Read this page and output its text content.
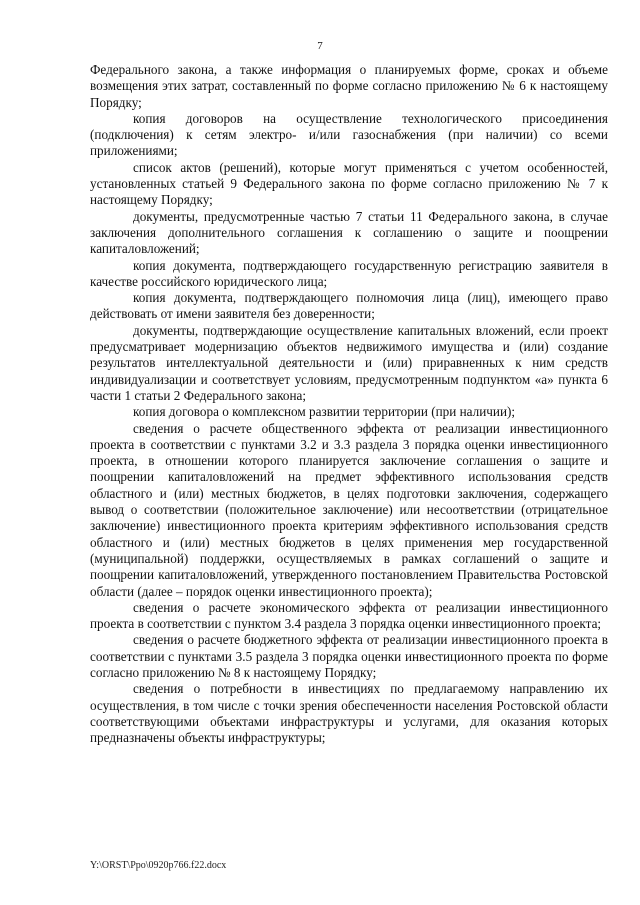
7

Федерального закона, а также информация о планируемых форме, сроках и объеме возмещения этих затрат, составленный по форме согласно приложению № 6 к настоящему Порядку;

копия договоров на осуществление технологического присоединения (подключения) к сетям электро- и/или газоснабжения (при наличии) со всеми приложениями;

список актов (решений), которые могут применяться с учетом особенностей, установленных статьей 9 Федерального закона по форме согласно приложению № 7 к настоящему Порядку;

документы, предусмотренные частью 7 статьи 11 Федерального закона, в случае заключения дополнительного соглашения к соглашению о защите и поощрении капиталовложений;

копия документа, подтверждающего государственную регистрацию заявителя в качестве российского юридического лица;

копия документа, подтверждающего полномочия лица (лиц), имеющего право действовать от имени заявителя без доверенности;

документы, подтверждающие осуществление капитальных вложений, если проект предусматривает модернизацию объектов недвижимого имущества и (или) создание результатов интеллектуальной деятельности и (или) приравненных к ним средств индивидуализации и соответствует условиям, предусмотренным подпунктом «а» пункта 6 части 1 статьи 2 Федерального закона;

копия договора о комплексном развитии территории (при наличии);

сведения о расчете общественного эффекта от реализации инвестиционного проекта в соответствии с пунктами 3.2 и 3.3 раздела 3 порядка оценки инвестиционного проекта, в отношении которого планируется заключение соглашения о защите и поощрении капиталовложений на предмет эффективного использования средств областного и (или) местных бюджетов, в целях подготовки заключения, содержащего вывод о соответствии (положительное заключение) или несоответствии (отрицательное заключение) инвестиционного проекта критериям эффективного использования средств областного и (или) местных бюджетов в целях применения мер государственной (муниципальной) поддержки, осуществляемых в рамках соглашений о защите и поощрении капиталовложений, утвержденного постановлением Правительства Ростовской области (далее – порядок оценки инвестиционного проекта);

сведения о расчете экономического эффекта от реализации инвестиционного проекта в соответствии с пунктом 3.4 раздела 3 порядка оценки инвестиционного проекта;

сведения о расчете бюджетного эффекта от реализации инвестиционного проекта в соответствии с пунктами 3.5 раздела 3 порядка оценки инвестиционного проекта по форме согласно приложению № 8 к настоящему Порядку;

сведения о потребности в инвестициях по предлагаемому направлению их осуществления, в том числе с точки зрения обеспеченности населения Ростовской области соответствующими объектами инфраструктуры и услугами, для оказания которых предназначены объекты инфраструктуры;

Y:\ORST\Ppo\0920p766.f22.docx
